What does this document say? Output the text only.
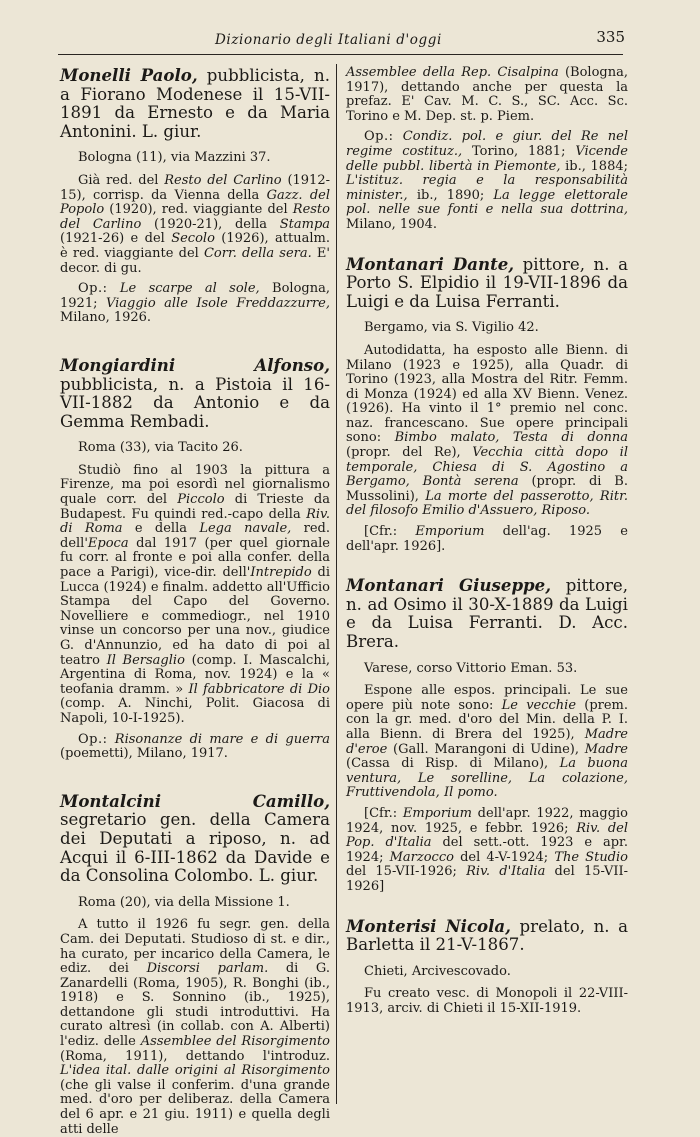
Dizionario degli Italiani d'oggi	335
Monelli Paolo, pubblicista, n. a Fiorano Modenese il 15-VII-1891 da Ernesto e da Maria Antonini. L. giur.
Bologna (11), via Mazzini 37.

Già red. del Resto del Carlino (1912-15), corrisp. da Vienna della Gazz. del Popolo (1920), red. viaggiante del Resto del Carlino (1920-21), della Stampa (1921-26) e del Secolo (1926), attualm. è red. viaggiante del Corr. della sera. E' decor. di gu.

Op.: Le scarpe al sole, Bologna, 1921; Viaggio alle Isole Freddazzurre, Milano, 1926.

Mongiardini Alfonso, pubblicista, n. a Pistoia il 16-VII-1882 da Antonio e da Gemma Rembadi.
Roma (33), via Tacito 26.

Studiò fino al 1903 la pittura a Firenze, ma poi esordì nel giornalismo quale corr. del Piccolo di Trieste da Budapest. Fu quindi red.-capo della Riv. di Roma e della Lega navale, red. dell'Epoca dal 1917 (per quel giornale fu corr. al fronte e poi alla confer. della pace a Parigi), vice-dir. dell'Intrepido di Lucca (1924) e finalm. addetto all'Ufficio Stampa del Capo del Governo. Novelliere e commediogr., nel 1910 vinse un concorso per una nov., giudice G. d'Annunzio, ed ha dato di poi al teatro Il Bersaglio (comp. I. Mascalchi, Argentina di Roma, nov. 1924) e la « teofania dramm. » Il fabbricatore di Dio (comp. A. Ninchi, Polit. Giacosa di Napoli, 10-I-1925).

Op.: Risonanze di mare e di guerra (poemetti), Milano, 1917.

Montalcini Camillo, segretario gen. della Camera dei Deputati a riposo, n. ad Acqui il 6-III-1862 da Davide e da Consolina Colombo. L. giur.
Roma (20), via della Missione 1.

A tutto il 1926 fu segr. gen. della Cam. dei Deputati. Studioso di st. e dir., ha curato, per incarico della Camera, le ediz. dei Discorsi parlam. di G. Zanardelli (Roma, 1905), R. Bonghi (ib., 1918) e S. Sonnino (ib., 1925), dettandone gli studi introduttivi. Ha curato altresì (in collab. con A. Alberti) l'ediz. delle Assemblee del Risorgimento (Roma, 1911), dettando l'introduz. L'idea ital. dalle origini al Risorgimento (che gli valse il conferim. d'una grande med. d'oro per deliberaz. della Camera del 6 apr. e 21 giu. 1911) e quella degli atti delle

Assemblee della Rep. Cisalpina (Bologna, 1917), dettando anche per questa la prefaz. E' Cav. M. C. S., SC. Acc. Sc. Torino e M. Dep. st. p. Piem.

Op.: Condiz. pol. e giur. del Re nel regime costituz., Torino, 1881; Vicende delle pubbl. libertà in Piemonte, ib., 1884; L'istituz. regia e la responsabilità minister., ib., 1890; La legge elettorale pol. nelle sue fonti e nella sua dottrina, Milano, 1904.

Montanari Dante, pittore, n. a Porto S. Elpidio il 19-VII-1896 da Luigi e da Luisa Ferranti.
Bergamo, via S. Vigilio 42.

Autodidatta, ha esposto alle Bienn. di Milano (1923 e 1925), alla Quadr. di Torino (1923, alla Mostra del Ritr. Femm. di Monza (1924) ed alla XV Bienn. Venez. (1926). Ha vinto il 1° premio nel conc. naz. francescano. Sue opere principali sono: Bimbo malato, Testa di donna (propr. del Re), Vecchia città dopo il temporale, Chiesa di S. Agostino a Bergamo, Bontà serena (propr. di B. Mussolini), La morte del passerotto, Ritr. del filosofo Emilio d'Assuero, Riposo.

[Cfr.: Emporium dell'ag. 1925 e dell'apr. 1926].

Montanari Giuseppe, pittore, n. ad Osimo il 30-X-1889 da Luigi e da Luisa Ferranti. D. Acc. Brera.
Varese, corso Vittorio Eman. 53.

Espone alle espos. principali. Le sue opere più note sono: Le vecchie (prem. con la gr. med. d'oro del Min. della P. I. alla Bienn. di Brera del 1925), Madre d'eroe (Gall. Marangoni di Udine), Madre (Cassa di Risp. di Milano), La buona ventura, Le sorelline, La colazione, Fruttivendola, Il pomo.

[Cfr.: Emporium dell'apr. 1922, maggio 1924, nov. 1925, e febbr. 1926; Riv. del Pop. d'Italia del sett.-ott. 1923 e apr. 1924; Marzocco del 4-V-1924; The Studio del 15-VII-1926; Riv. d'Italia del 15-VII-1926]

Monterisi Nicola, prelato, n. a Barletta il 21-V-1867.
Chieti, Arcivescovado.

Fu creato vesc. di Monopoli il 22-VIII-1913, arciv. di Chieti il 15-XII-1919.
